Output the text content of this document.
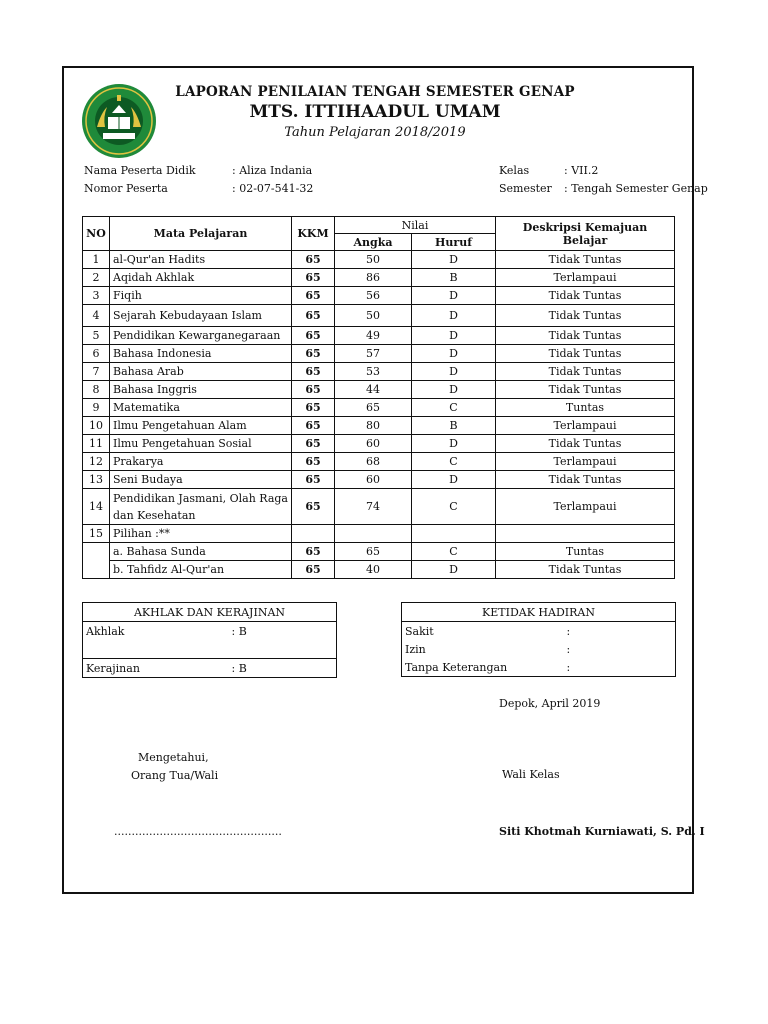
LAPORAN PENILAIAN TENGAH SEMESTER GENAP
MTS. ITTIHAADUL UMAM
Tahun Pelajaran 2018/2019
Nama Peserta Didik	: Aliza Indania
Nomor Peserta	: 02-07-541-32
Kelas	: VII.2
Semester : Tengah Semester Genap
NO	Mata Pelajaran	KKM	Nilai		Deskripsi Kemajuan Belajar
			Angka	Huruf	
1	al-Qur'an Hadits	65	50	D	Tidak Tuntas
2	Aqidah Akhlak	65	86	B	Terlampaui
3	Fiqih	65	56	D	Tidak Tuntas
4	Sejarah Kebudayaan Islam	65	50	D	Tidak Tuntas
5	Pendidikan Kewarganegaraan	65	49	D	Tidak Tuntas
6	Bahasa Indonesia	65	57	D	Tidak Tuntas
7	Bahasa Arab	65	53	D	Tidak Tuntas
8	Bahasa Inggris	65	44	D	Tidak Tuntas
9	Matematika	65	65	C	Tuntas
10	Ilmu Pengetahuan Alam	65	80	B	Terlampaui
11	Ilmu Pengetahuan Sosial	65	60	D	Tidak Tuntas
12	Prakarya	65	68	C	Terlampaui
13	Seni Budaya	65	60	D	Tidak Tuntas
14	Pendidikan Jasmani, Olah Raga
dan Kesehatan	65	74	C	Terlampaui
15	Pilihan :**				
	a. Bahasa Sunda	65	65	C	Tuntas
	b. Tahfidz Al-Qur'an	65	40	D	Tidak Tuntas
AKHLAK DAN KERAJINAN	
Akhlak	: B

Kerajinan	: B
KETIDAK HADIRAN	
Sakit	:
Izin	:
Tanpa Keterangan	:
Depok, April 2019
Mengetahui,
Orang Tua/Wali	Wali Kelas
................................................	Siti Khotmah Kurniawati, S. Pd. I
